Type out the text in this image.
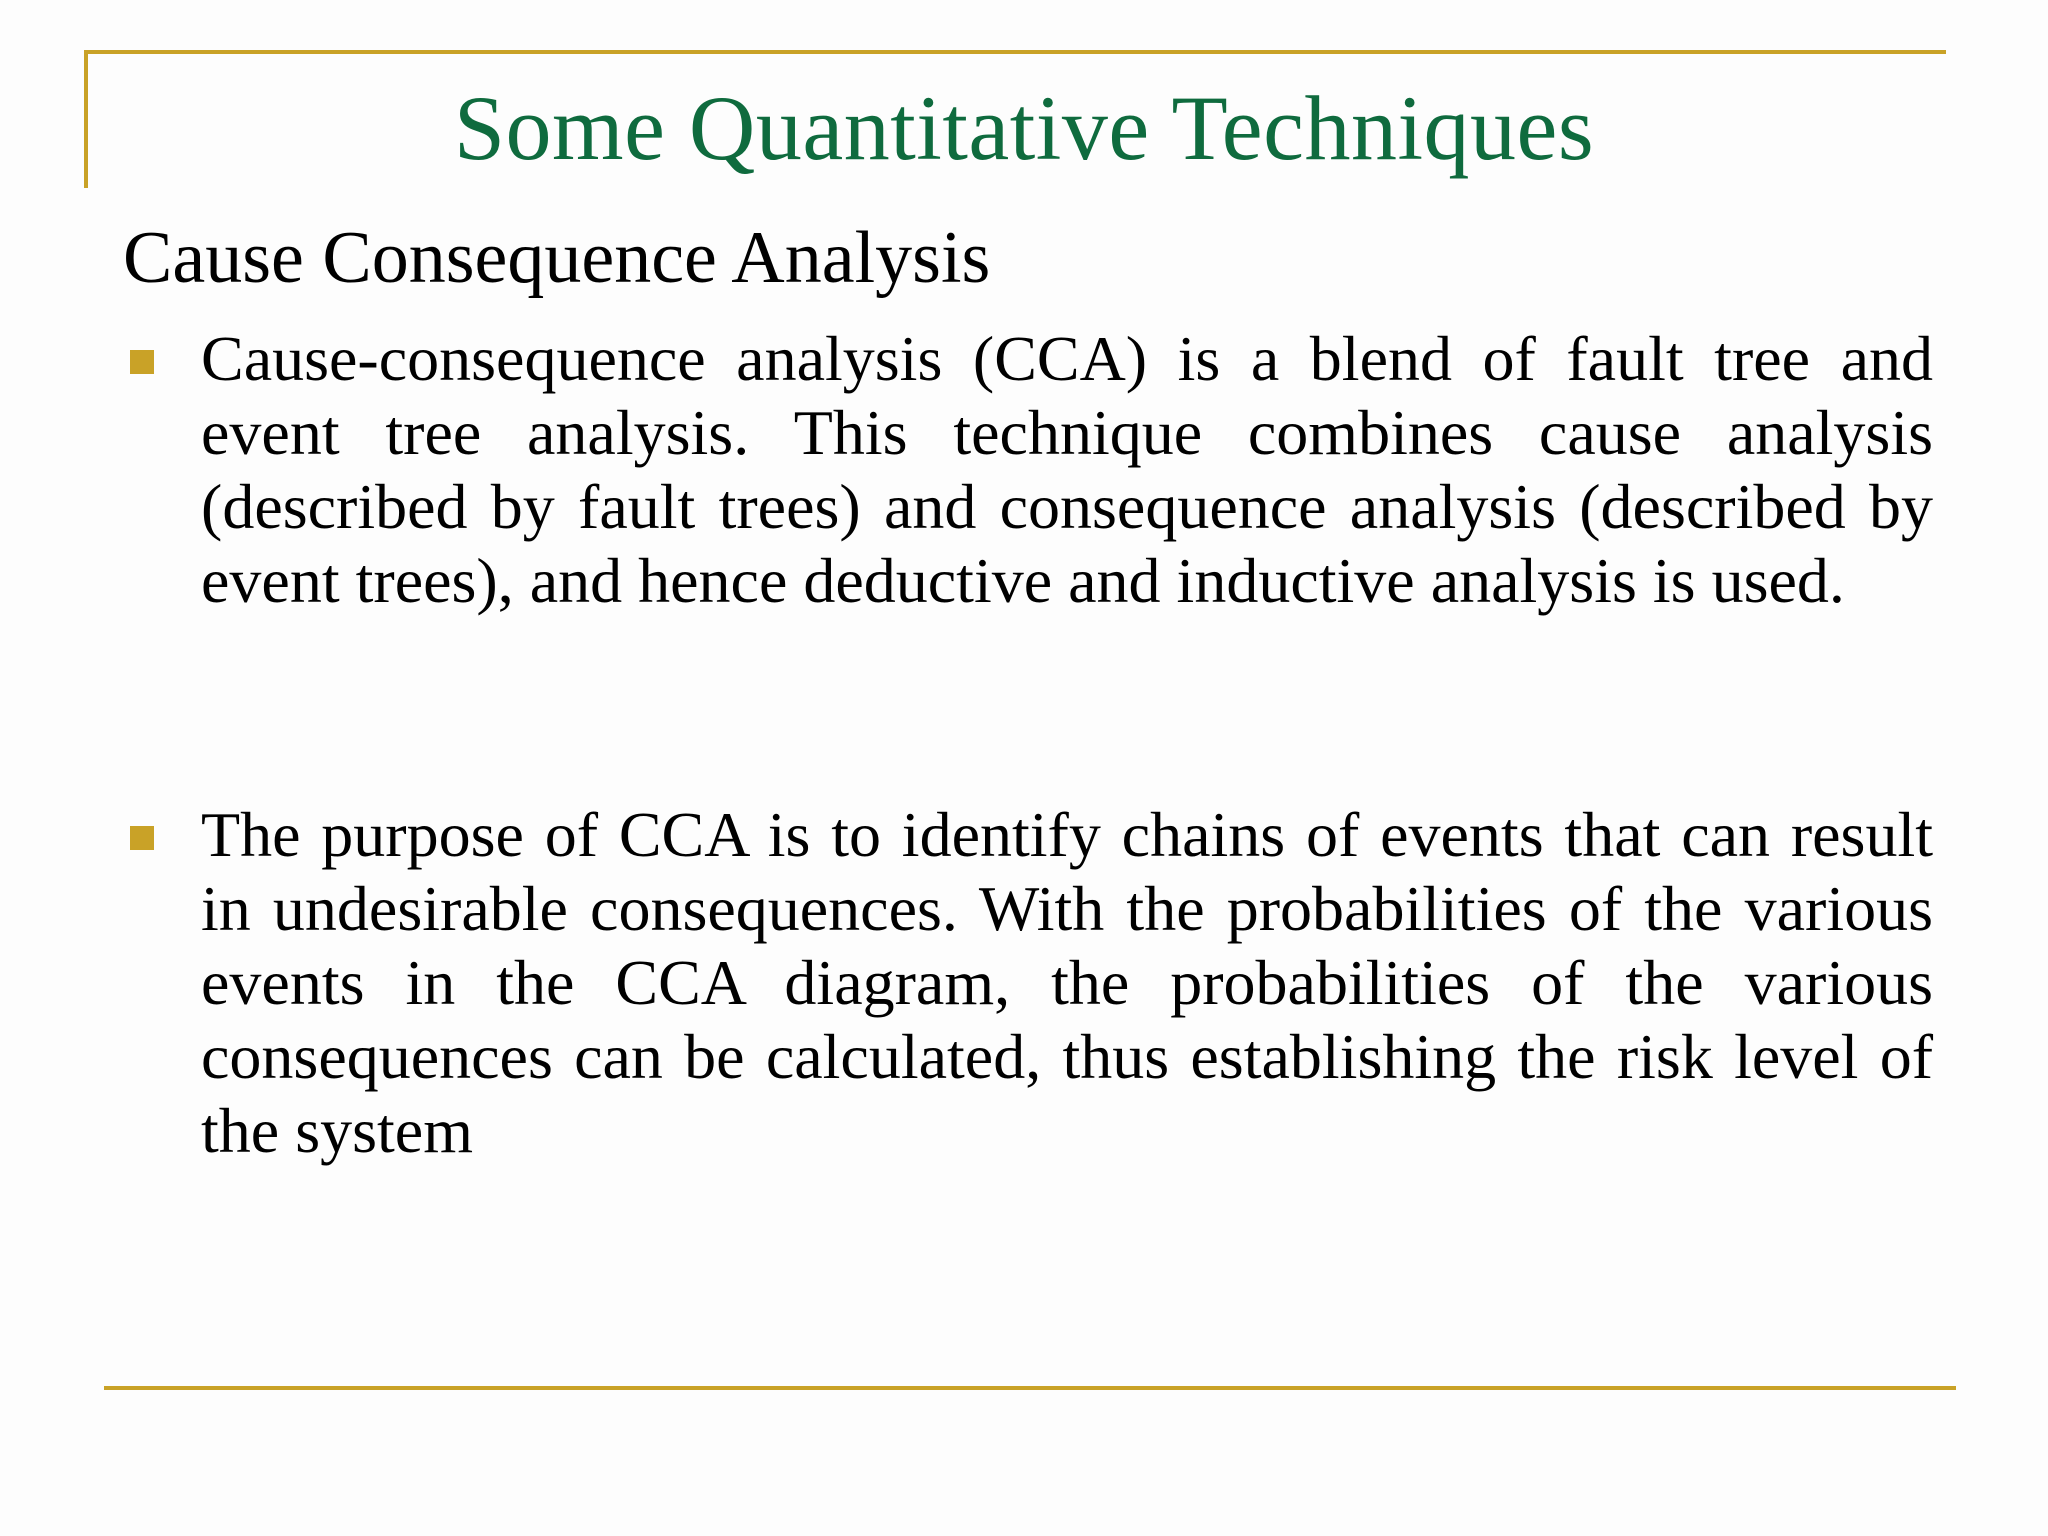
Some Quantitative Techniques
Cause Consequence Analysis
Cause-consequence analysis (CCA) is a blend of fault tree and event tree analysis. This technique combines cause analysis (described by fault trees) and consequence analysis (described by event trees), and hence deductive and inductive analysis is used.
The purpose of CCA is to identify chains of events that can result in undesirable consequences. With the probabilities of the various events in the CCA diagram, the probabilities of the various consequences can be calculated, thus establishing the risk level of the system
